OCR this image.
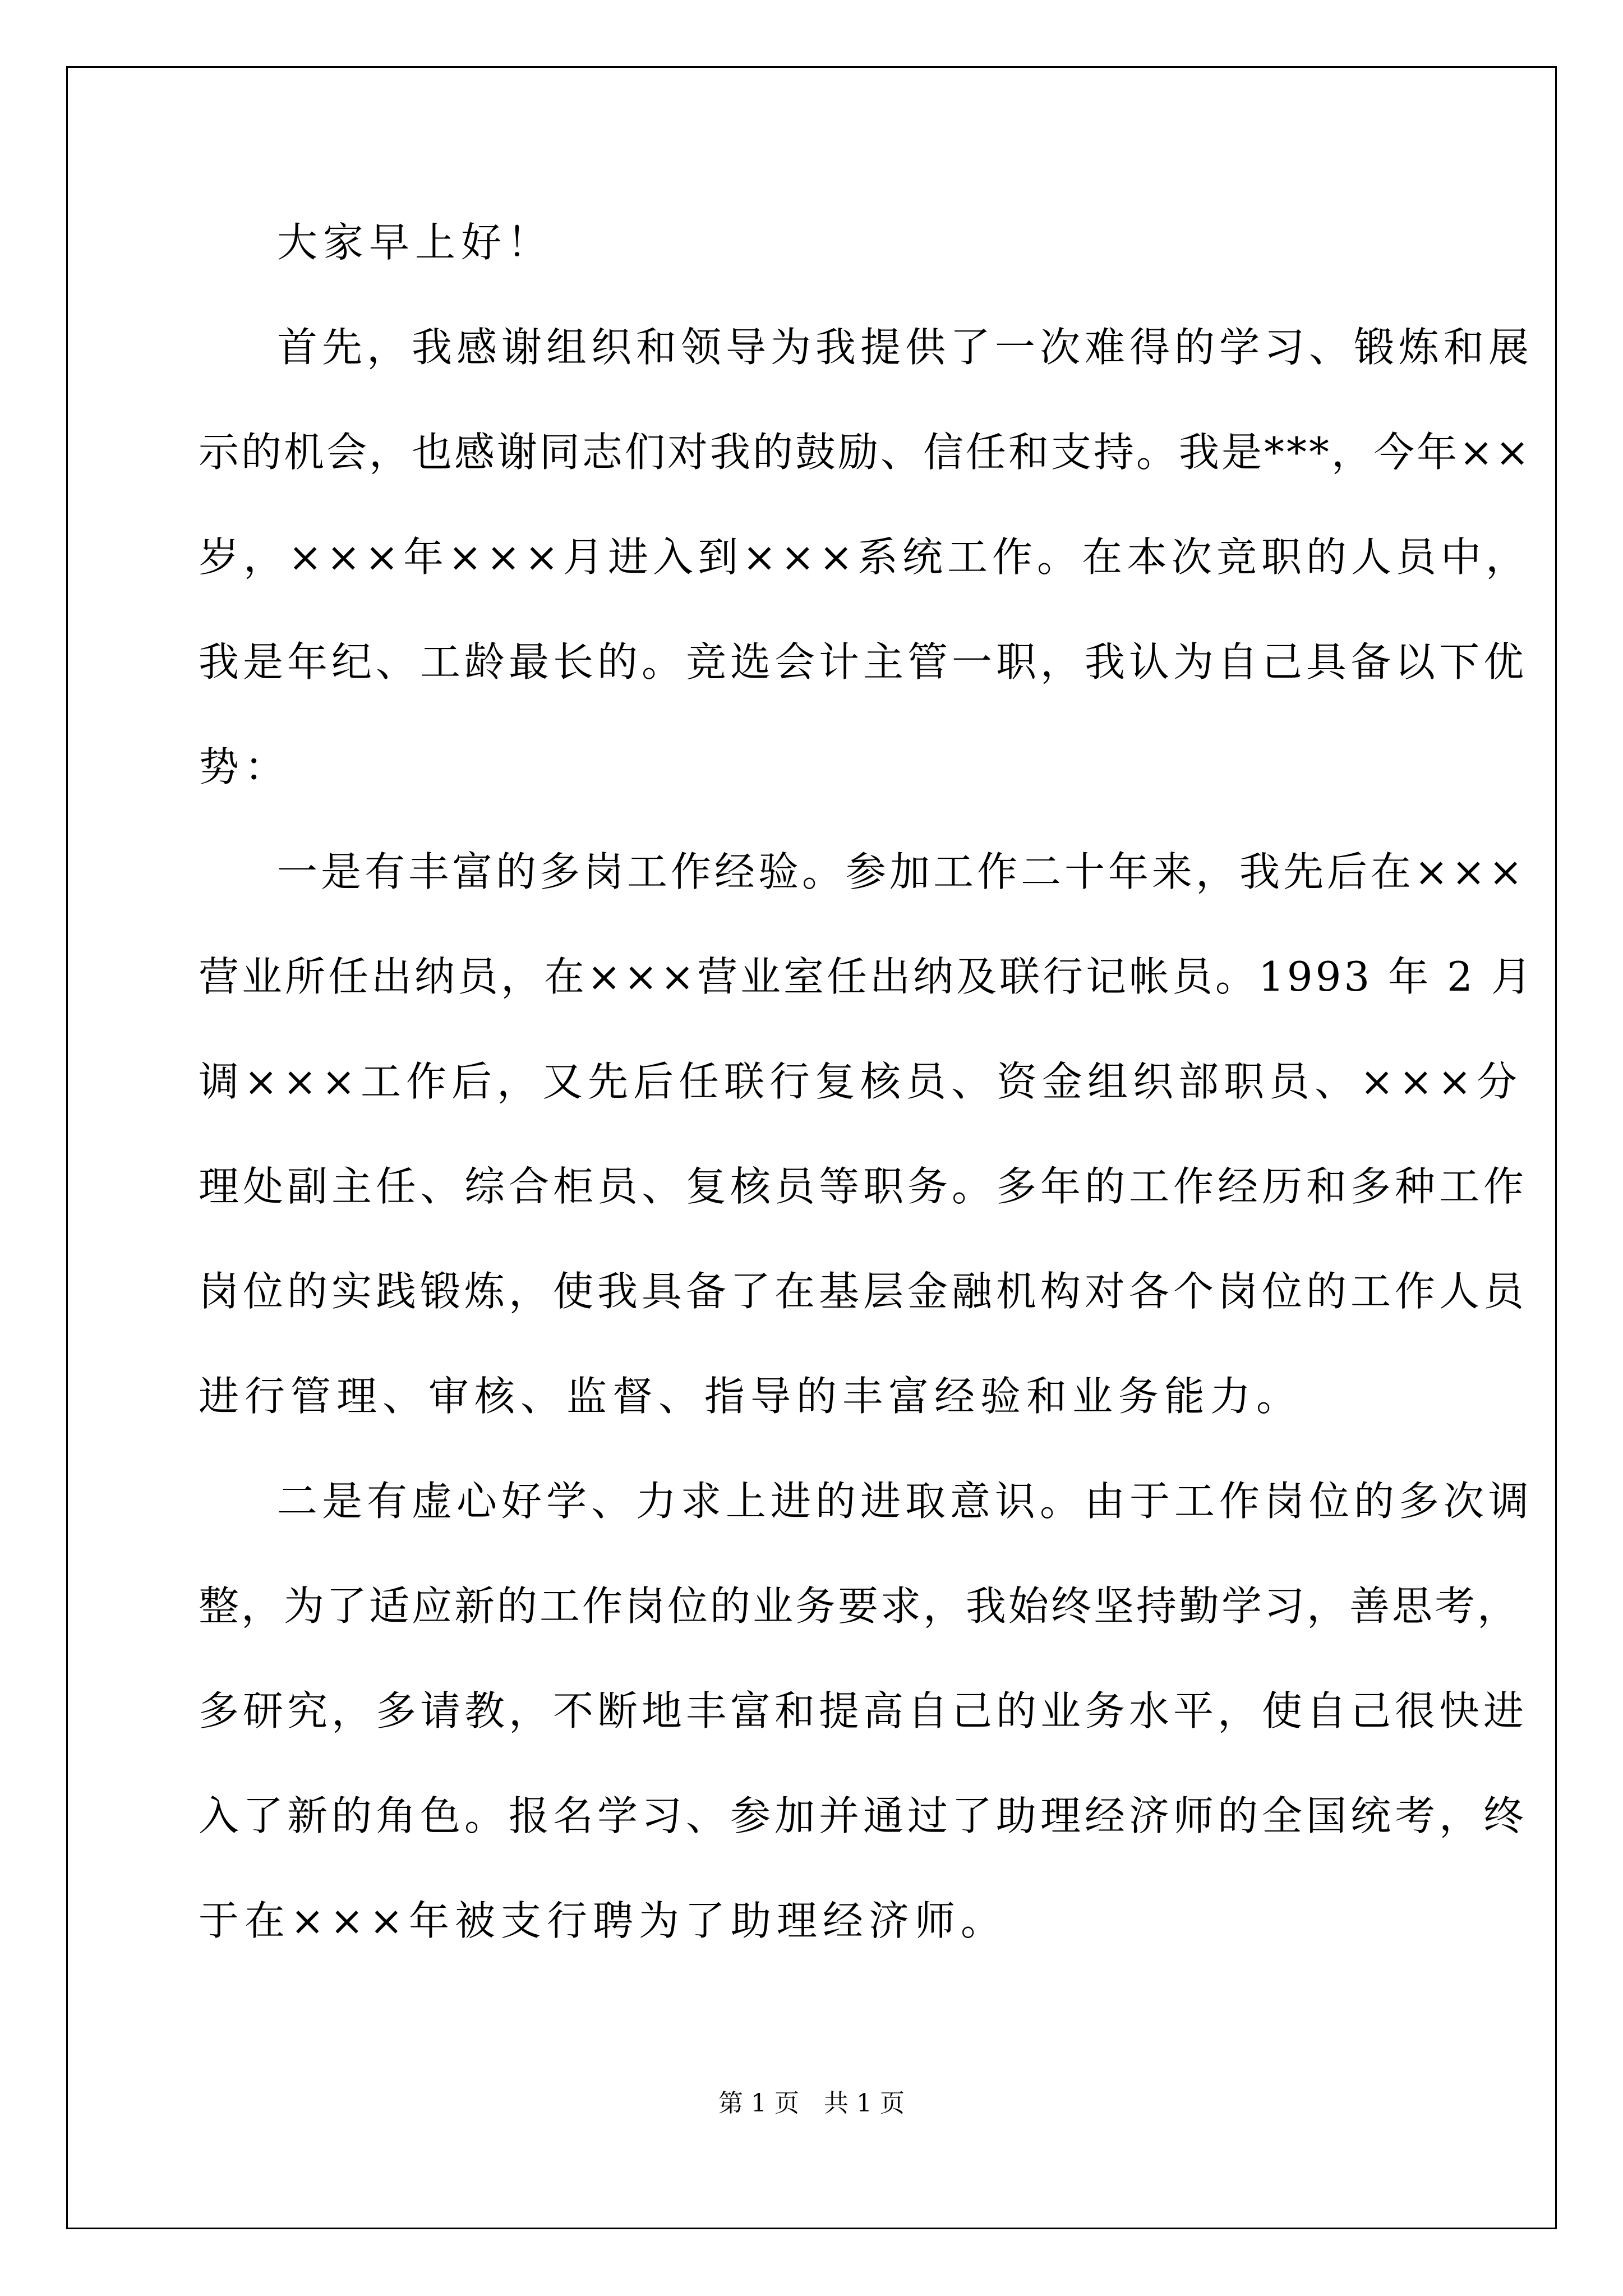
大家早上好！
首先，我感谢组织和领导为我提供了一次难得的学习、锻炼和展
示的机会，也感谢同志们对我的鼓励、信任和支持。我是***，今年××
岁，×××年×××月进入到×××系统工作。在本次竞职的人员中，
我是年纪、工龄最长的。竞选会计主管一职，我认为自己具备以下优
势：
一是有丰富的多岗工作经验。参加工作二十年来，我先后在×××
营业所任出纳员，在×××营业室任出纳及联行记帐员。1993 年 2 月
调×××工作后，又先后任联行复核员、资金组织部职员、×××分
理处副主任、综合柜员、复核员等职务。多年的工作经历和多种工作
岗位的实践锻炼，使我具备了在基层金融机构对各个岗位的工作人员
进行管理、审核、监督、指导的丰富经验和业务能力。
二是有虚心好学、力求上进的进取意识。由于工作岗位的多次调
整，为了适应新的工作岗位的业务要求，我始终坚持勤学习，善思考，
多研究，多请教，不断地丰富和提高自己的业务水平，使自己很快进
入了新的角色。报名学习、参加并通过了助理经济师的全国统考，终
于在×××年被支行聘为了助理经济师。
第 1 页　共 1 页
